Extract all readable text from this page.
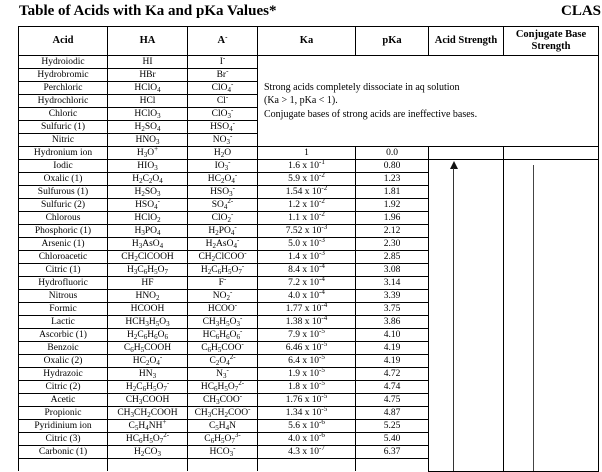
Table of Acids with Ka and pKa Values*	CLAS
Acid	HA	A-	Ka	pKa	Acid Strength	Conjugate Base Strength
Hydroiodic	HI	I-	Strong acids completely dissociate in aq solution
(Ka > 1, pKa < 1).
Conjugate bases of strong acids are ineffective bases.			

Hydrobromic	HBr	Br-
Perchloric	HClO$_4$	ClO$_4$-
Hydrochloric	HCl	Cl-
Chloric	HClO$_3$	ClO$_3$-
Sulfuric (1)	$H_2SO_4$	$HSO_4^-$
Nitric	$HNO_3$	$NO_3^-$
Hydronium ion	$H_3O^+$	$H_2O$	1	0.0		
Iodic	$HIO_3$	$IO_3^-$	1.6 x $10^{-1}$	0.80	

Oxalic (1)	$H_2C_2O_4$	$HC_2O_4^-$	5.9 x $10^{-2}$	1.23		
Sulfurous (1)	$H_2SO_3$	$HSO_3^-$	1.54 x $10^{-2}$	1.81		
Sulfuric (2)	$HSO_4^-$	$SO_4^{2-}$	1.2 x $10^{-2}$	1.92		
Chlorous	HClO$_2$	ClO$_2$-	1.1 x $10^{-2}$	1.96		
Phosphoric (1)	$H_3PO_4$	$H_2PO_4^-$	7.52 x $10^{-3}$	2.12		
Arsenic (1)	$H_3AsO_4$	$H_2AsO_4^-$	5.0 x $10^{-3}$	2.30		
Chloroacetic	$CH_2ClCOOH$	$CH_2ClCOO^-$	1.4 x $10^{-3}$	2.85		
Citric (1)	$H_3C_6H_5O_7$	$H_2C_6H_5O_7^-$	8.4 x $10^{-4}$	3.08		
Hydrofluoric	HF	F-	7.2 x $10^{-4}$	3.14		
Nitrous	$HNO_2$	$NO_2^-$	4.0 x $10^{-4}$	3.39		
Formic	HCOOH	HCOO-	1.77 x $10^{-4}$	3.75		
Lactic	$HCH_3H_5O_3$	$CH_3H_5O_3^-$	1.38 x $10^{-4}$	3.86		
Ascorbic (1)	$H_2C_6H_6O_6$	$HC_6H_6O_6^-$	7.9 x $10^{-5}$	4.10		
Benzoic	$C_6H_5COOH$	$C_6H_5COO^-$	6.46 x $10^{-5}$	4.19		
Oxalic (2)	$HC_2O_4^-$	$C_2O_4^{2-}$	6.4 x $10^{-5}$	4.19		
Hydrazoic	$HN_3$	$N_3^-$	1.9 x $10^{-5}$	4.72		
Citric (2)	$H_2C_6H_5O_7^-$	$HC_6H_5O_7^{2-}$	1.8 x $10^{-5}$	4.74		
Acetic	$CH_3COOH$	$CH_3COO^-$	1.76 x $10^{-5}$	4.75		
Propionic	$CH_3CH_2COOH$	$CH_3CH_2COO^-$	1.34 x $10^{-5}$	4.87		
Pyridinium ion	$C_5H_4NH^+$	$C_5H_4N$	5.6 x $10^{-6}$	5.25		
Citric (3)	$HC_6H_5O_7^{2-}$	$C_6H_5O_7^{3-}$	4.0 x $10^{-6}$	5.40		
Carbonic (1)	$H_2CO_3$	$HCO_3^-$	4.3 x $10^{-7}$	6.37		
